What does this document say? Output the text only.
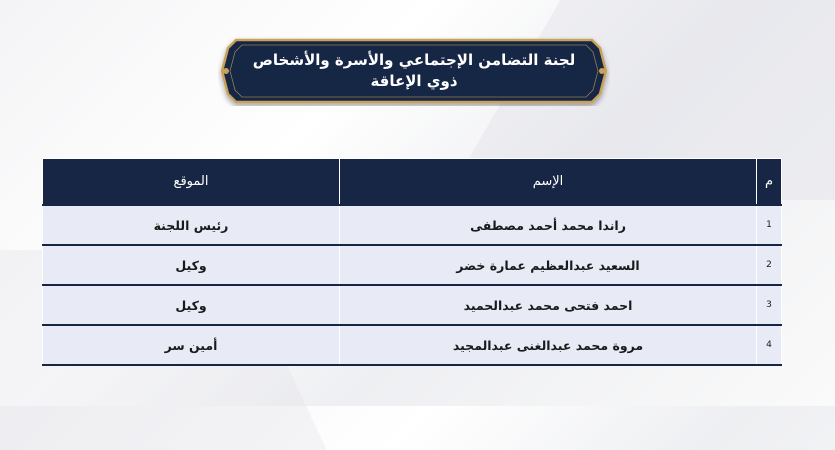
لجنة التضامن الإجتماعي والأسرة والأشخاص
ذوي الإعاقة
م	الإسم	الموقع
1	راندا محمد أحمد مصطفى	رئيس اللجنة
2	السعيد عبدالعظيم عمارة خضر	وكيل
3	احمد فتحى محمد عبدالحميد	وكيل
4	مروة محمد عبدالغنى عبدالمجيد	أمين سر
